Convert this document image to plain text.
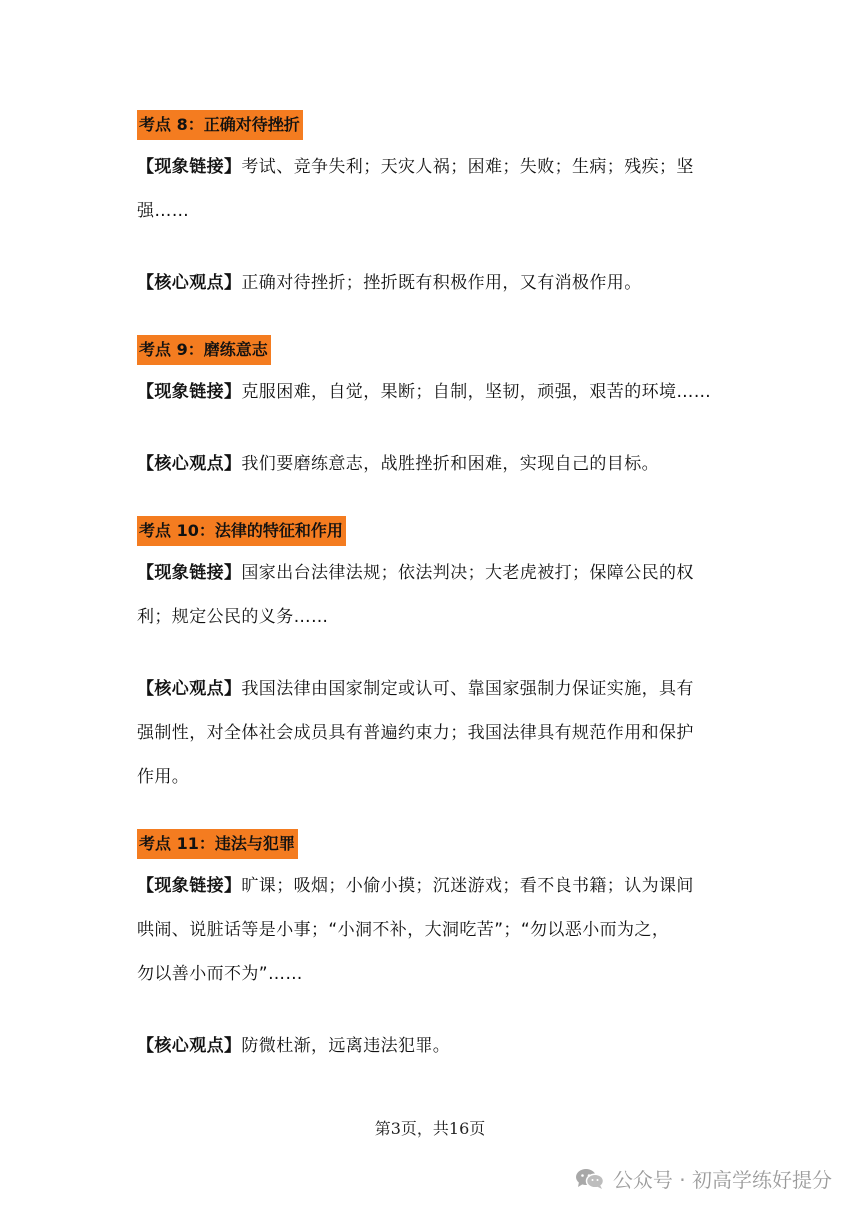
考点 8：正确对待挫折

【现象链接】考试、竞争失利；天灾人祸；困难；失败；生病；残疾；坚
强……

【核心观点】正确对待挫折；挫折既有积极作用，又有消极作用。

考点 9：磨练意志

【现象链接】克服困难，自觉，果断；自制，坚韧，顽强，艰苦的环境……

【核心观点】我们要磨练意志，战胜挫折和困难，实现自己的目标。

考点 10：法律的特征和作用

【现象链接】国家出台法律法规；依法判决；大老虎被打；保障公民的权
利；规定公民的义务……

【核心观点】我国法律由国家制定或认可、靠国家强制力保证实施，具有
强制性，对全体社会成员具有普遍约束力；我国法律具有规范作用和保护
作用。

考点 11：违法与犯罪

【现象链接】旷课；吸烟；小偷小摸；沉迷游戏；看不良书籍；认为课间
哄闹、说脏话等是小事；“小洞不补，大洞吃苦”；“勿以恶小而为之，
勿以善小而不为”……

【核心观点】防微杜渐，远离违法犯罪。

第3页，共16页
公众号 · 初高学练好提分
